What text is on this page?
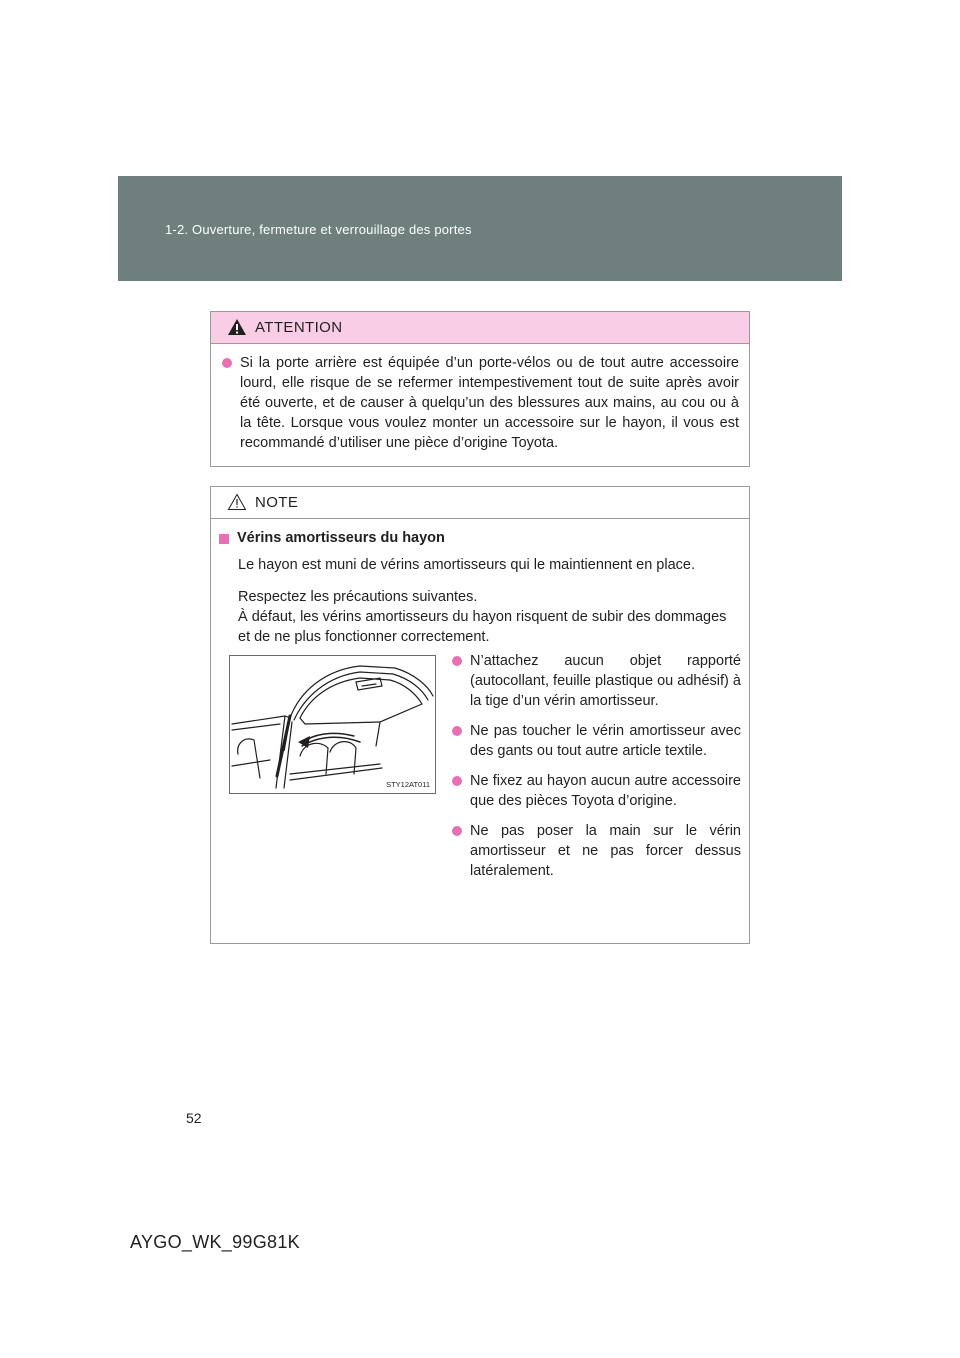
1-2. Ouverture, fermeture et verrouillage des portes
ATTENTION

Si la porte arrière est équipée d’un porte-vélos ou de tout autre accessoire lourd, elle risque de se refermer intempestivement tout de suite après avoir été ouverte, et de causer à quelqu’un des blessures aux mains, au cou ou à la tête. Lorsque vous voulez monter un accessoire sur le hayon, il vous est recommandé d’utiliser une pièce d’origine Toyota.

NOTE

Vérins amortisseurs du hayon

Le hayon est muni de vérins amortisseurs qui le maintiennent en place.

Respectez les précautions suivantes.

À défaut, les vérins amortisseurs du hayon risquent de subir des dommages et de ne plus fonctionner correctement.

STY12AT011

N’attachez aucun objet rapporté (autocollant, feuille plastique ou adhésif) à la tige d’un vérin amortisseur.

Ne pas toucher le vérin amortisseur avec des gants ou tout autre article textile.

Ne fixez au hayon aucun autre accessoire que des pièces Toyota d’origine.

Ne pas poser la main sur le vérin amortisseur et ne pas forcer dessus latéralement.

52
AYGO_WK_99G81K
